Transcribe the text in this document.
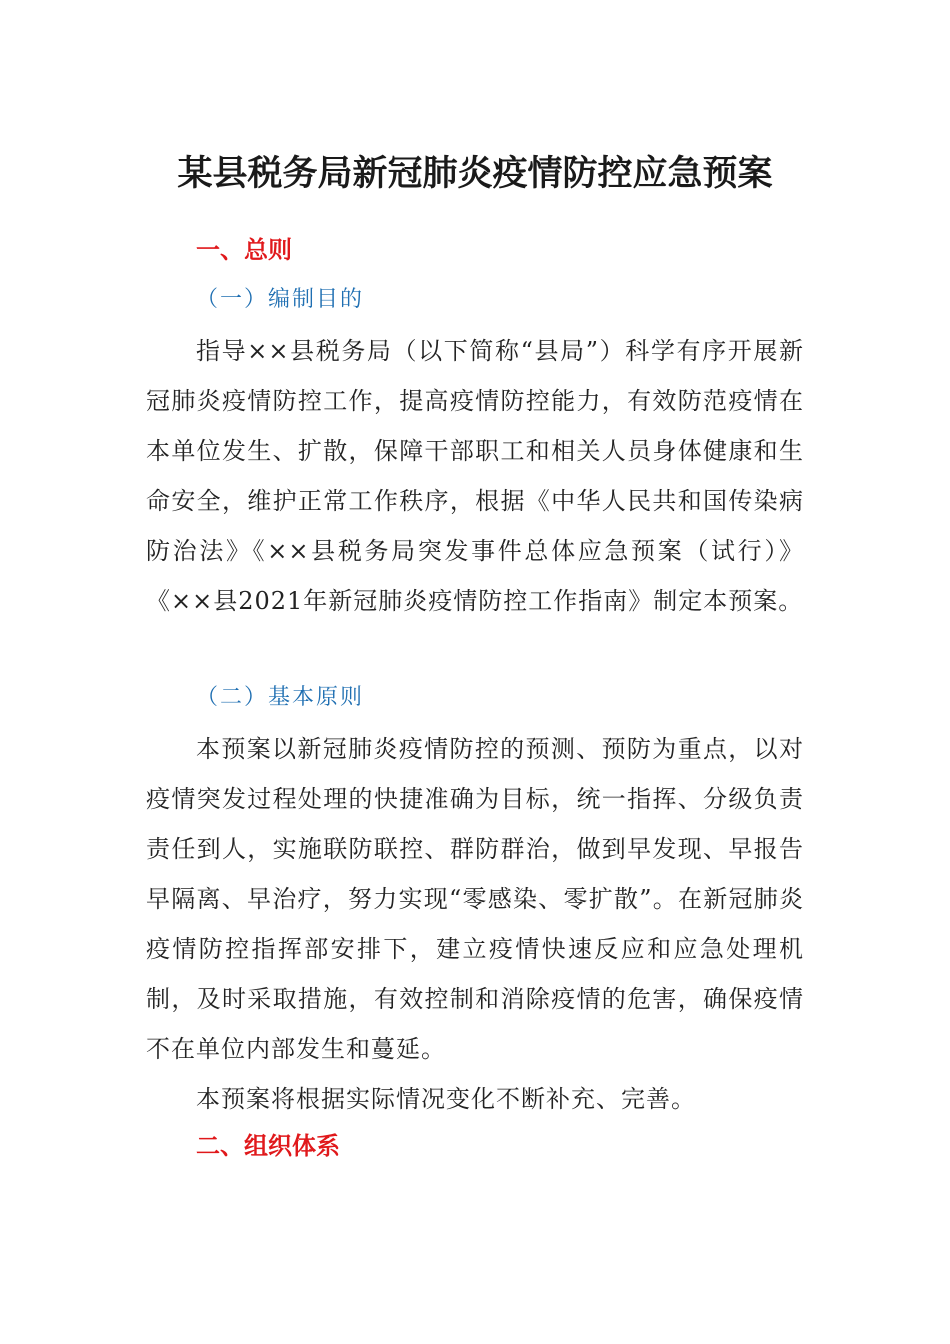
某县税务局新冠肺炎疫情防控应急预案
一、总则
（一）编制目的

指导××县税务局（以下简称“县局”）科学有序开展新冠肺炎疫情防控工作，提高疫情防控能力，有效防范疫情在本单位发生、扩散，保障干部职工和相关人员身体健康和生命安全，维护正常工作秩序，根据《中华人民共和国传染病防治法》《××县税务局突发事件总体应急预案（试行）》《××县2021年新冠肺炎疫情防控工作指南》制定本预案。

（二）基本原则

本预案以新冠肺炎疫情防控的预测、预防为重点，以对疫情突发过程处理的快捷准确为目标，统一指挥、分级负责责任到人，实施联防联控、群防群治，做到早发现、早报告早隔离、早治疗，努力实现“零感染、零扩散”。在新冠肺炎疫情防控指挥部安排下，建立疫情快速反应和应急处理机制，及时采取措施，有效控制和消除疫情的危害，确保疫情不在单位内部发生和蔓延。

本预案将根据实际情况变化不断补充、完善。

二、组织体系
